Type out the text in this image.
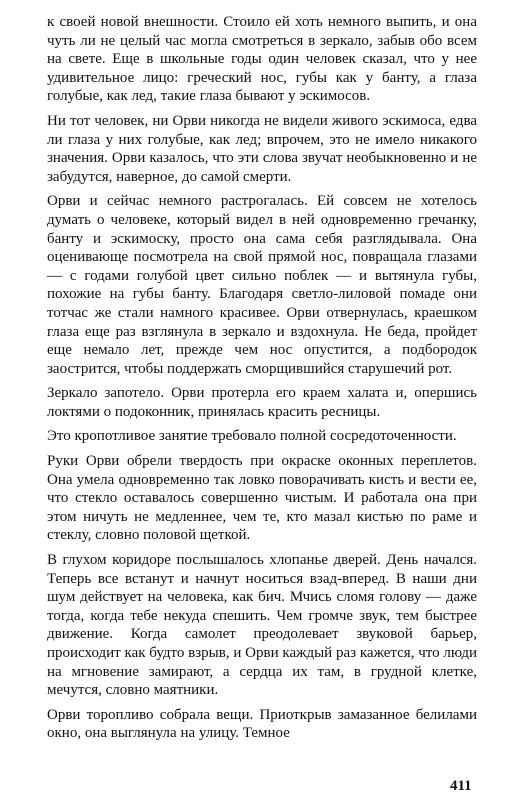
к своей новой внешности. Стоило ей хоть немного выпить, и она чуть ли не целый час могла смотреться в зеркало, забыв обо всем на свете. Еще в школьные годы один человек сказал, что у нее удивительное лицо: греческий нос, губы как у банту, а глаза голубые, как лед, такие глаза бывают у эскимосов.

Ни тот человек, ни Орви никогда не видели живого эскимоса, едва ли глаза у них голубые, как лед; впрочем, это не имело никакого значения. Орви казалось, что эти слова звучат необыкновенно и не забудутся, наверное, до самой смерти.

Орви и сейчас немного растрогалась. Ей совсем не хотелось думать о человеке, который видел в ней одновременно гречанку, банту и эскимоску, просто она сама себя разглядывала. Она оценивающе посмотрела на свой прямой нос, повращала глазами — с годами голубой цвет сильно поблек — и вытянула губы, похожие на губы банту. Благодаря светло-лиловой помаде они тотчас же стали намного красивее. Орви отвернулась, краешком глаза еще раз взглянула в зеркало и вздохнула. Не беда, пройдет еще немало лет, прежде чем нос опустится, а подбородок заострится, чтобы поддержать сморщившийся старушечий рот.

Зеркало запотело. Орви протерла его краем халата и, опершись локтями о подоконник, принялась красить ресницы.

Это кропотливое занятие требовало полной сосредоточенности.

Руки Орви обрели твердость при окраске оконных переплетов. Она умела одновременно так ловко поворачивать кисть и вести ее, что стекло оставалось совершенно чистым. И работала она при этом ничуть не медленнее, чем те, кто мазал кистью по раме и стеклу, словно половой щеткой.

В глухом коридоре послышалось хлопанье дверей. День начался. Теперь все встанут и начнут носиться взад-вперед. В наши дни шум действует на человека, как бич. Мчись сломя голову — даже тогда, когда тебе некуда спешить. Чем громче звук, тем быстрее движение. Когда самолет преодолевает звуковой барьер, происходит как будто взрыв, и Орви каждый раз кажется, что люди на мгновение замирают, а сердца их там, в грудной клетке, мечутся, словно маятники.

Орви торопливо собрала вещи. Приоткрыв замазанное белилами окно, она выглянула на улицу. Темное

411
